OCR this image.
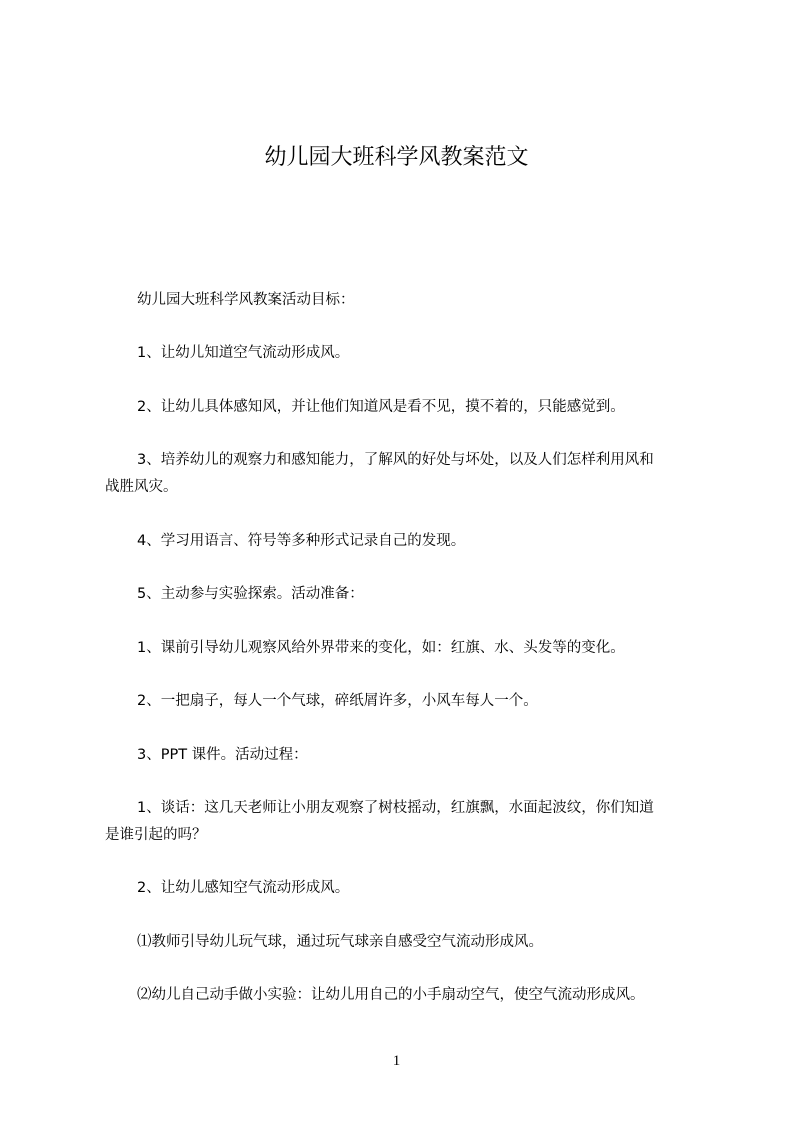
幼儿园大班科学风教案范文
幼儿园大班科学风教案活动目标：
1、让幼儿知道空气流动形成风。
2、让幼儿具体感知风，并让他们知道风是看不见，摸不着的，只能感觉到。
3、培养幼儿的观察力和感知能力，了解风的好处与坏处，以及人们怎样利用风和
战胜风灾。
4、学习用语言、符号等多种形式记录自己的发现。
5、主动参与实验探索。活动准备：
1、课前引导幼儿观察风给外界带来的变化，如：红旗、水、头发等的变化。
2、一把扇子，每人一个气球，碎纸屑许多，小风车每人一个。
3、PPT 课件。活动过程：
1、谈话：这几天老师让小朋友观察了树枝摇动，红旗飘，水面起波纹，你们知道
是谁引起的吗？
2、让幼儿感知空气流动形成风。
⑴教师引导幼儿玩气球，通过玩气球亲自感受空气流动形成风。
⑵幼儿自己动手做小实验：让幼儿用自己的小手扇动空气，使空气流动形成风。
1
